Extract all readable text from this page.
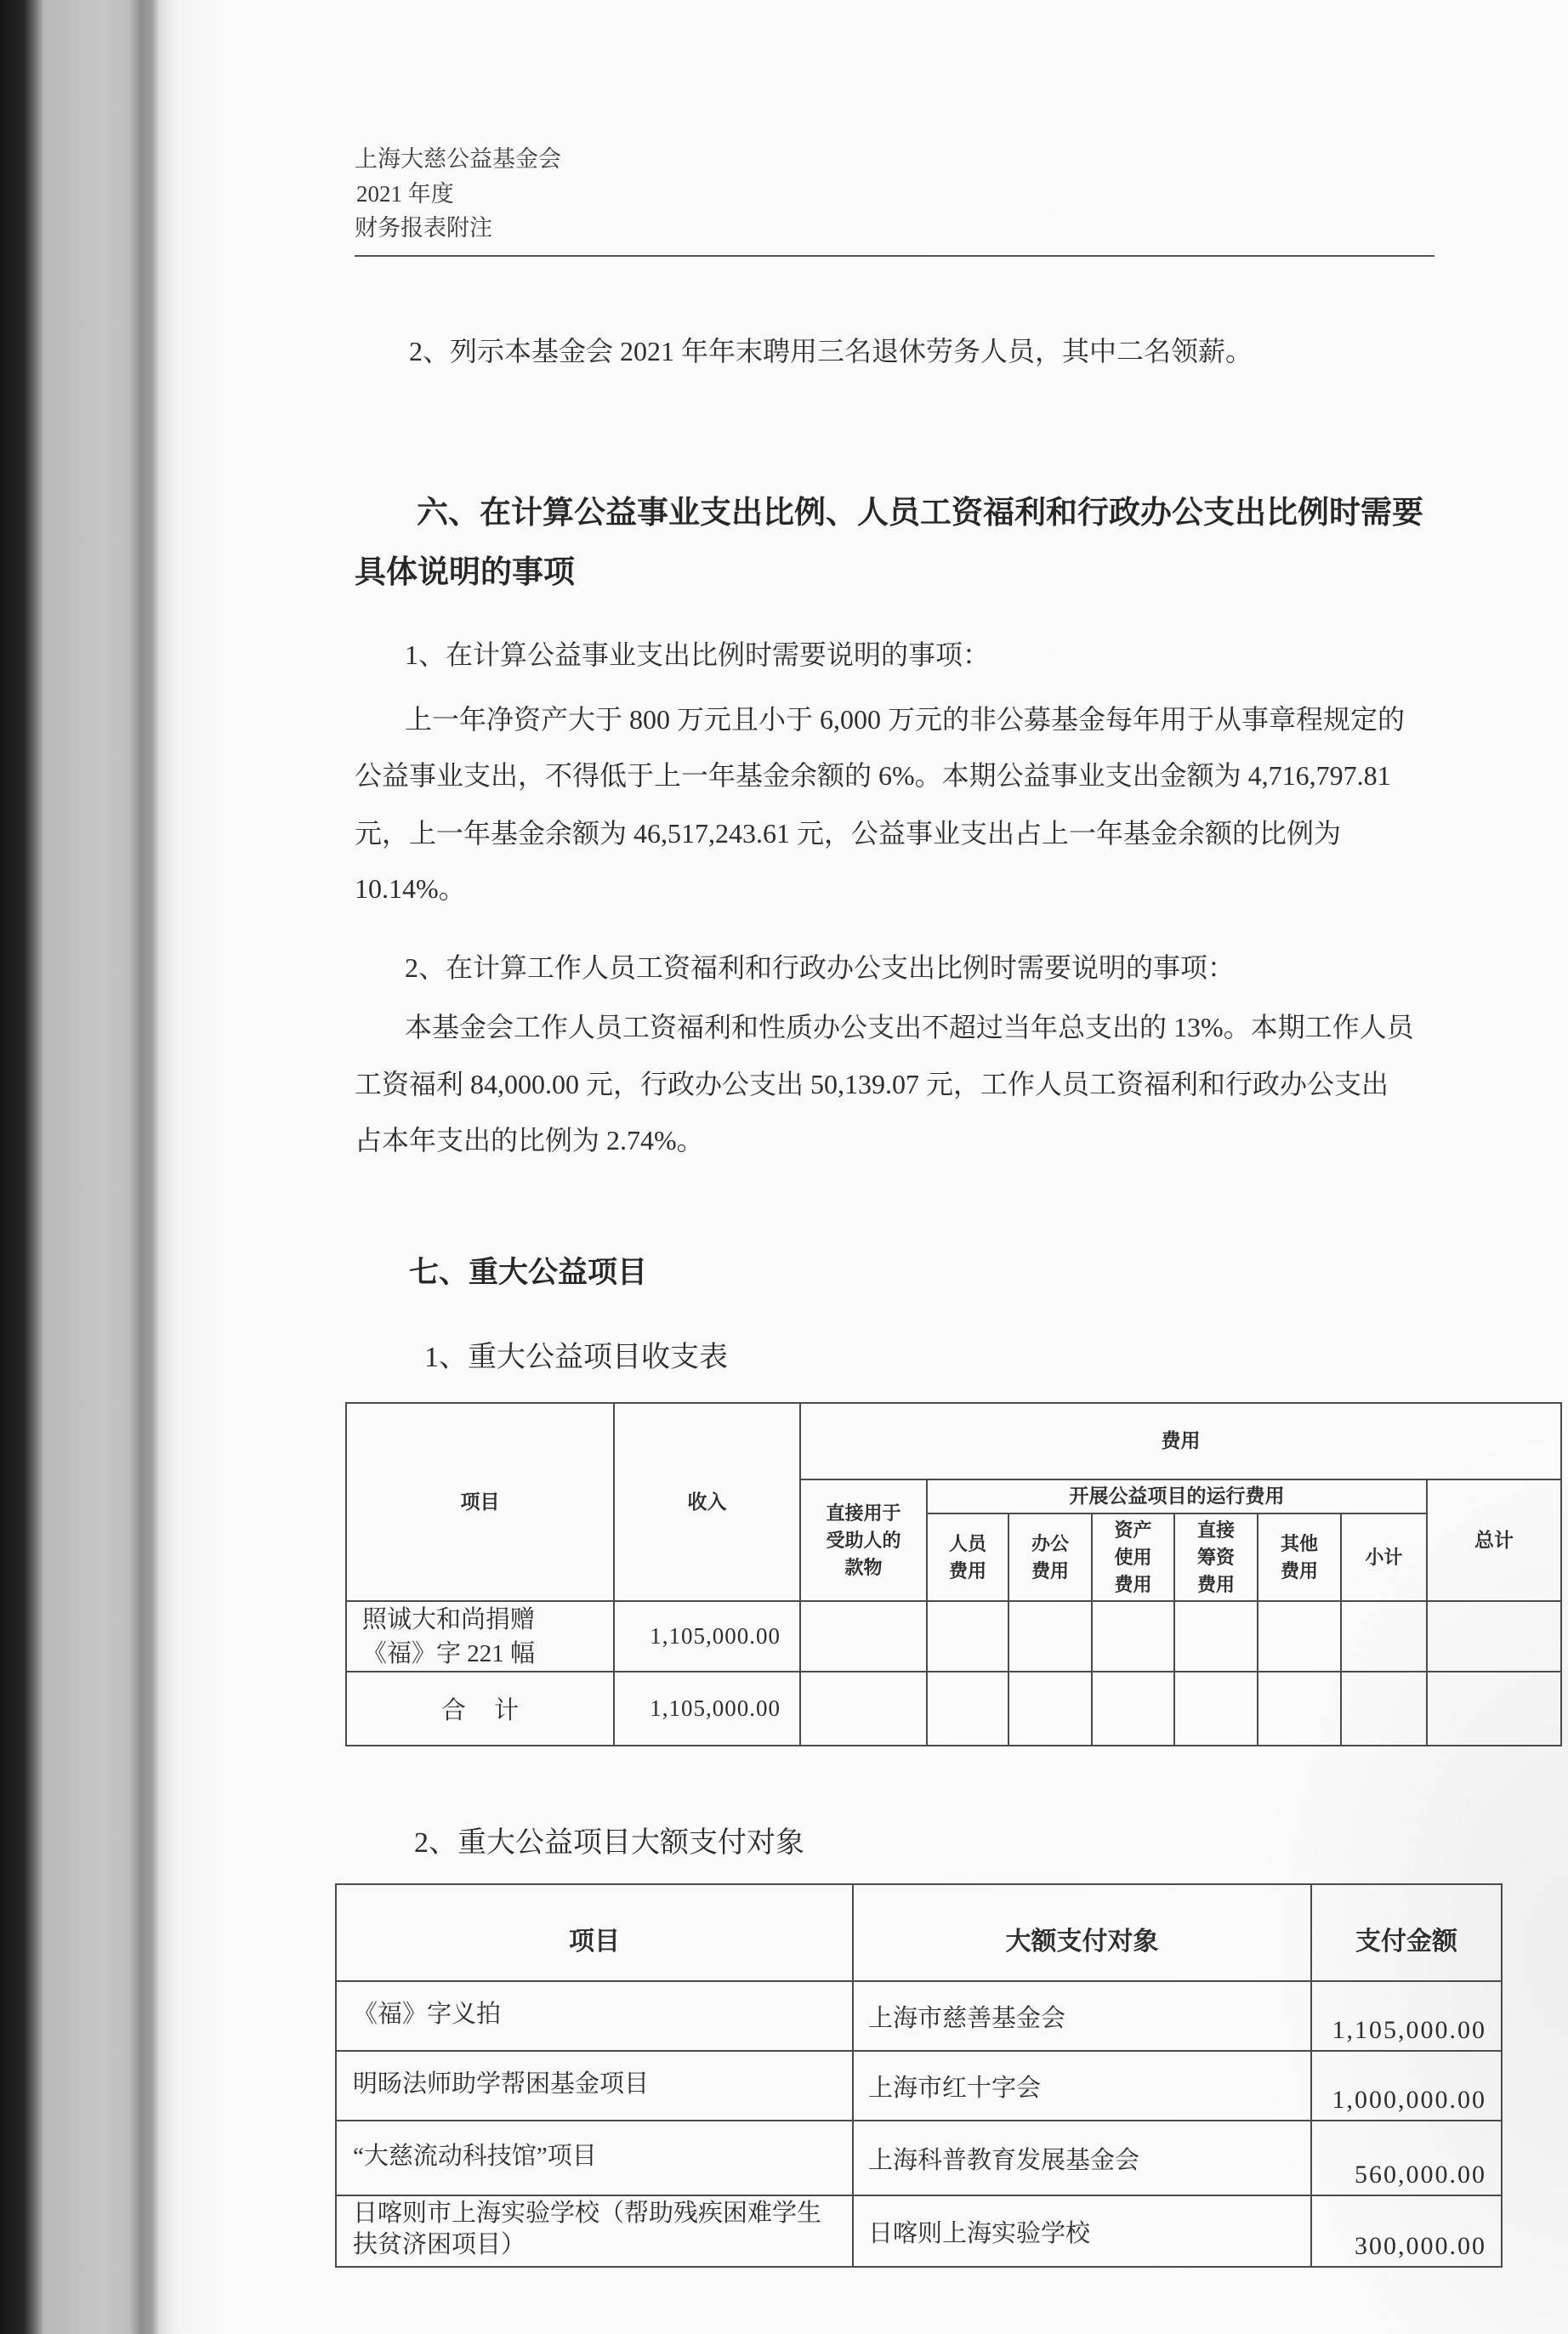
上海大慈公益基金会
2021 年度
财务报表附注
2、列示本基金会 2021 年年末聘用三名退休劳务人员，其中二名领薪。
六、在计算公益事业支出比例、人员工资福利和行政办公支出比例时需要
具体说明的事项
1、在计算公益事业支出比例时需要说明的事项：
上一年净资产大于 800 万元且小于 6,000 万元的非公募基金每年用于从事章程规定的
公益事业支出，不得低于上一年基金余额的 6%。本期公益事业支出金额为 4,716,797.81
元，上一年基金余额为 46,517,243.61 元，公益事业支出占上一年基金余额的比例为
10.14%。
2、在计算工作人员工资福利和行政办公支出比例时需要说明的事项：
本基金会工作人员工资福利和性质办公支出不超过当年总支出的 13%。本期工作人员
工资福利 84,000.00 元，行政办公支出 50,139.07 元，工作人员工资福利和行政办公支出
占本年支出的比例为 2.74%。
七、重大公益项目
1、重大公益项目收支表
项目	收入	费用							
		直接用于受助人的款物	开展公益项目的运行费用						总计
			人员费用	办公费用	资产使用费用	直接筹资费用	其他费用	小计	
照诚大和尚捐赠《福》字 221 幅	1,105,000.00								
合 计	1,105,000.00								
2、重大公益项目大额支付对象
项目	大额支付对象	支付金额
《福》字义拍	上海市慈善基金会	1,105,000.00
明旸法师助学帮困基金项目	上海市红十字会	1,000,000.00
“大慈流动科技馆”项目	上海科普教育发展基金会	560,000.00
日喀则市上海实验学校（帮助残疾困难学生扶贫济困项目）	日喀则上海实验学校	300,000.00
